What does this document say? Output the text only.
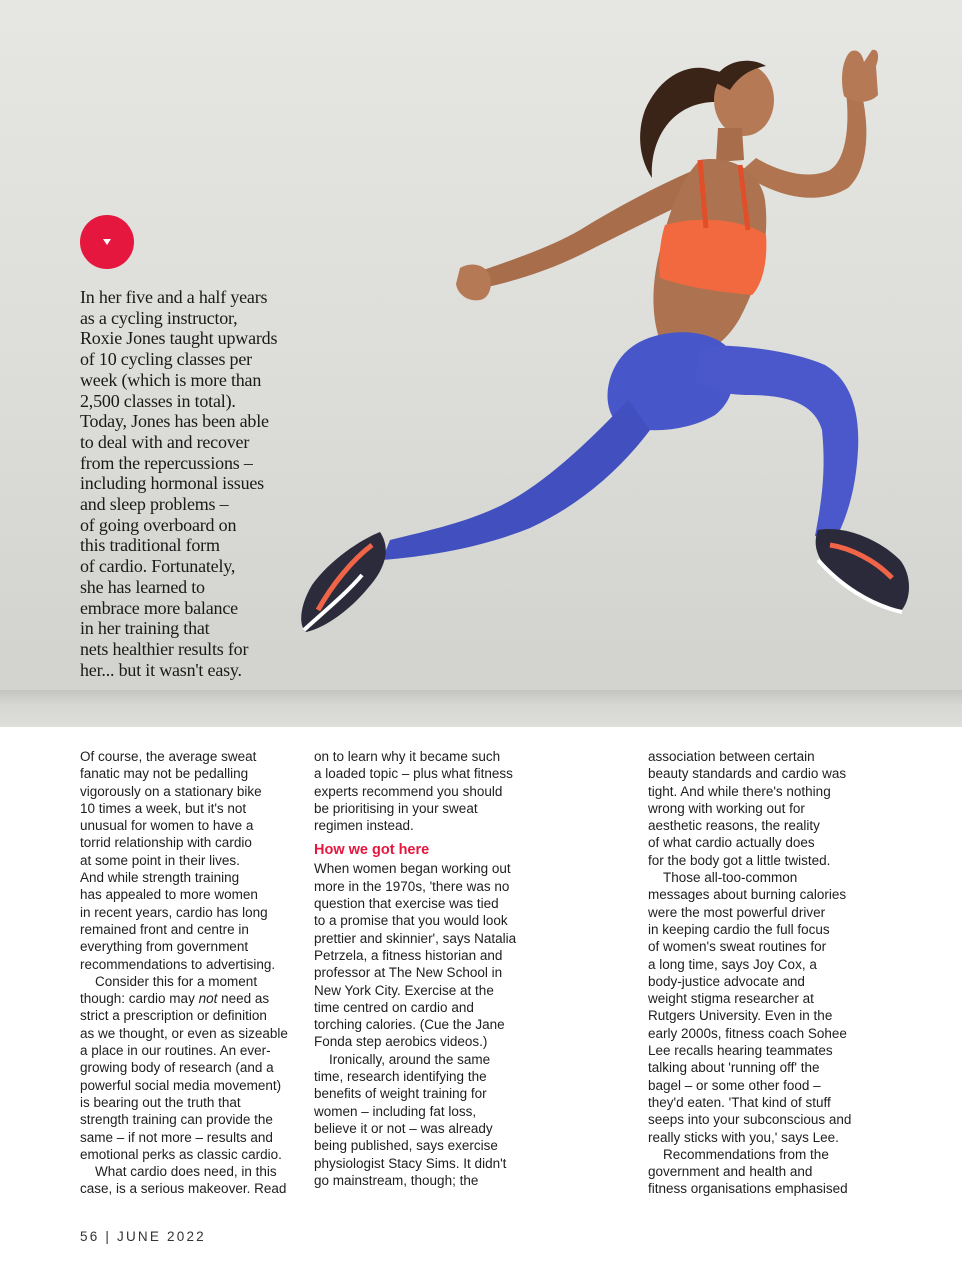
In her five and a half years
as a cycling instructor,
Roxie Jones taught upwards
of 10 cycling classes per
week (which is more than
2,500 classes in total).
Today, Jones has been able
to deal with and recover
from the repercussions –
including hormonal issues
and sleep problems –
of going overboard on
this traditional form
of cardio. Fortunately,
she has learned to
embrace more balance
in her training that
nets healthier results for
her... but it wasn't easy.
Of course, the average sweat
fanatic may not be pedalling
vigorously on a stationary bike
10 times a week, but it's not
unusual for women to have a
torrid relationship with cardio
at some point in their lives.
And while strength training
has appealed to more women
in recent years, cardio has long
remained front and centre in
everything from government
recommendations to advertising.
Consider this for a moment
though: cardio may not need as
strict a prescription or definition
as we thought, or even as sizeable
a place in our routines. An ever-
growing body of research (and a
powerful social media movement)
is bearing out the truth that
strength training can provide the
same – if not more – results and
emotional perks as classic cardio.
What cardio does need, in this
case, is a serious makeover. Read
on to learn why it became such
a loaded topic – plus what fitness
experts recommend you should
be prioritising in your sweat
regimen instead.
How we got here
When women began working out
more in the 1970s, 'there was no
question that exercise was tied
to a promise that you would look
prettier and skinnier', says Natalia
Petrzela, a fitness historian and
professor at The New School in
New York City. Exercise at the
time centred on cardio and
torching calories. (Cue the Jane
Fonda step aerobics videos.)
Ironically, around the same
time, research identifying the
benefits of weight training for
women – including fat loss,
believe it or not – was already
being published, says exercise
physiologist Stacy Sims. It didn't
go mainstream, though; the
association between certain
beauty standards and cardio was
tight. And while there's nothing
wrong with working out for
aesthetic reasons, the reality
of what cardio actually does
for the body got a little twisted.
Those all-too-common
messages about burning calories
were the most powerful driver
in keeping cardio the full focus
of women's sweat routines for
a long time, says Joy Cox, a
body-justice advocate and
weight stigma researcher at
Rutgers University. Even in the
early 2000s, fitness coach Sohee
Lee recalls hearing teammates
talking about 'running off' the
bagel – or some other food –
they'd eaten. 'That kind of stuff
seeps into your subconscious and
really sticks with you,' says Lee.
Recommendations from the
government and health and
fitness organisations emphasised
56 | JUNE 2022
